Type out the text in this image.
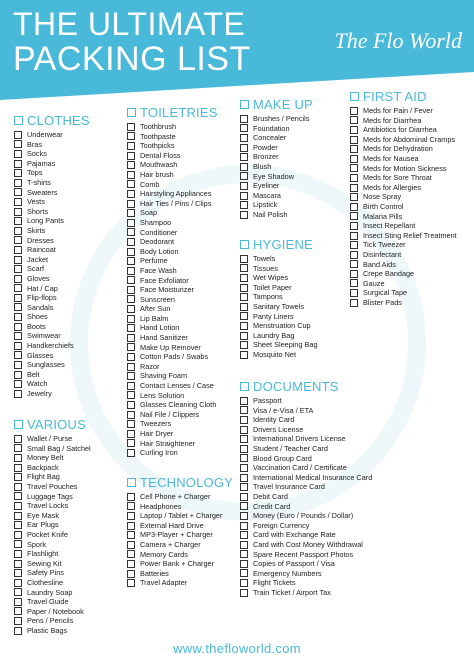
THE ULTIMATE
PACKING LIST	The Flo World
CLOTHES
Underwear
Bras
Socks
Pajamas
Tops
T-shirts
Sweaters
Vests
Shorts
Long Pants
Skirts
Dresses
Raincoat
Jacket
Scarf
Gloves
Hat / Cap
Flip-flops
Sandals
Shoes
Boots
Swimwear
Handkerchiefs
Glasses
Sunglasses
Belt
Watch
Jewelry
VARIOUS
Wallet / Purse
Small Bag / Satchel
Money Belt
Backpack
Flight Bag
Travel Pouches
Luggage Tags
Travel Locks
Eye Mask
Ear Plugs
Pocket Knife
Spork
Flashlight
Sewing Kit
Safety Pins
Clothesline
Laundry Soap
Travel Guide
Paper / Notebook
Pens / Pencils
Plastic Bags
TOILETRIES
Toothbrush
Toothpaste
Toothpicks
Dental Floss
Mouthwash
Hair brush
Comb
Hairstyling Appliances
Hair Ties / Pins / Clips
Soap
Shampoo
Conditioner
Deodorant
Body Lotion
Perfume
Face Wash
Face Exfoliator
Face Moisturizer
Sunscreen
After Sun
Lip Balm
Hand Lotion
Hand Sanitizer
Make Up Remover
Cotton Pads / Swabs
Razor
Shaving Foam
Contact Lenses / Case
Lens Solution
Glasses Cleaning Cloth
Nail File / Clippers
Tweezers
Hair Dryer
Hair Straightener
Curling Iron
TECHNOLOGY
Cell Phone + Charger
Headphones
Laptop / Tablet + Charger
External Hard Drive
MP3-Player + Charger
Camera + Charger
Memory Cards
Power Bank + Charger
Batteries
Travel Adapter
MAKE UP
Brushes / Pencils
Foundation
Concealer
Powder
Bronzer
Blush
Eye Shadow
Eyeliner
Mascara
Lipstick
Nail Polish
HYGIENE
Towels
Tissues
Wet Wipes
Toilet Paper
Tampons
Sanitary Towels
Panty Liners
Menstruation Cup
Laundry Bag
Sheet Sleeping Bag
Mosquito Net
DOCUMENTS
Passport
Visa / e-Visa / ETA
Identity Card
Drivers License
International Drivers License
Student / Teacher Card
Blood Group Card
Vaccination Card / Certificate
International Medical Insurance Card
Travel Insurance Card
Debit Card
Credit Card
Money (Euro / Pounds / Dollar)
Foreign Currency
Card with Exchange Rate
Card with Cost Money Withdrawal
Spare Recent Passport Photos
Copies of Passport / Visa
Emergency Numbers
Flight Tickets
Train Ticket / Airport Tax
FIRST AID
Meds for Pain / Fever
Meds for Diarrhea
Antibiotics for Diarrhea
Meds for Abdominal Cramps
Meds for Dehydration
Meds for Nausea
Meds for Motion Sickness
Meds for Sore Throat
Meds for Allergies
Nose Spray
Birth Control
Malaria Pills
Insect Repellant
Insect Sting Relief Treatment
Tick Tweezer
Disinfectant
Band Aids
Crepe Bandage
Gauze
Surgical Tape
Blister Pads
www.thefloworld.com
